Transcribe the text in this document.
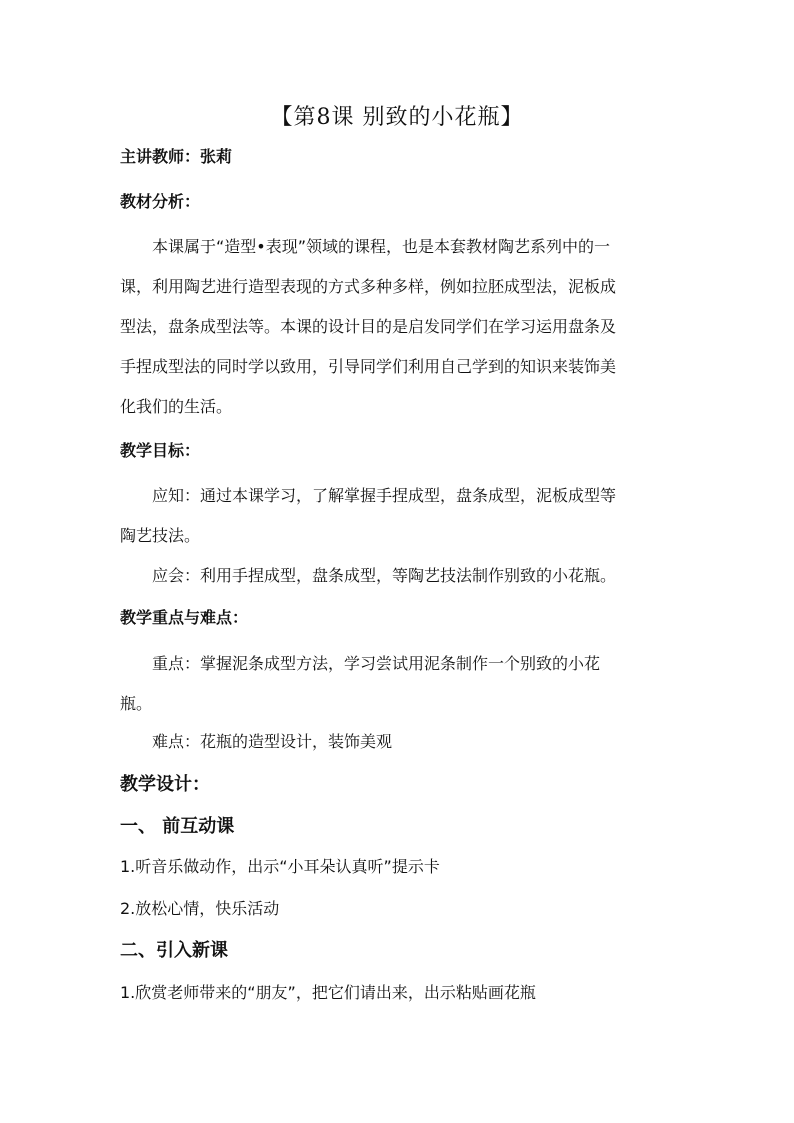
【第8课 别致的小花瓶】

主讲教师：张莉

教材分析：

本课属于“造型•表现”领域的课程，也是本套教材陶艺系列中的一
课，利用陶艺进行造型表现的方式多种多样，例如拉胚成型法，泥板成
型法，盘条成型法等。本课的设计目的是启发同学们在学习运用盘条及
手捏成型法的同时学以致用，引导同学们利用自己学到的知识来装饰美
化我们的生活。

教学目标：

应知：通过本课学习，了解掌握手捏成型，盘条成型，泥板成型等
陶艺技法。

应会：利用手捏成型，盘条成型，等陶艺技法制作别致的小花瓶。

教学重点与难点：

重点：掌握泥条成型方法，学习尝试用泥条制作一个别致的小花
瓶。

难点：花瓶的造型设计，装饰美观

教学设计：

一、 前互动课

1.听音乐做动作，出示“小耳朵认真听”提示卡

2.放松心情，快乐活动

二、引入新课

1.欣赏老师带来的“朋友”，把它们请出来，出示粘贴画花瓶
